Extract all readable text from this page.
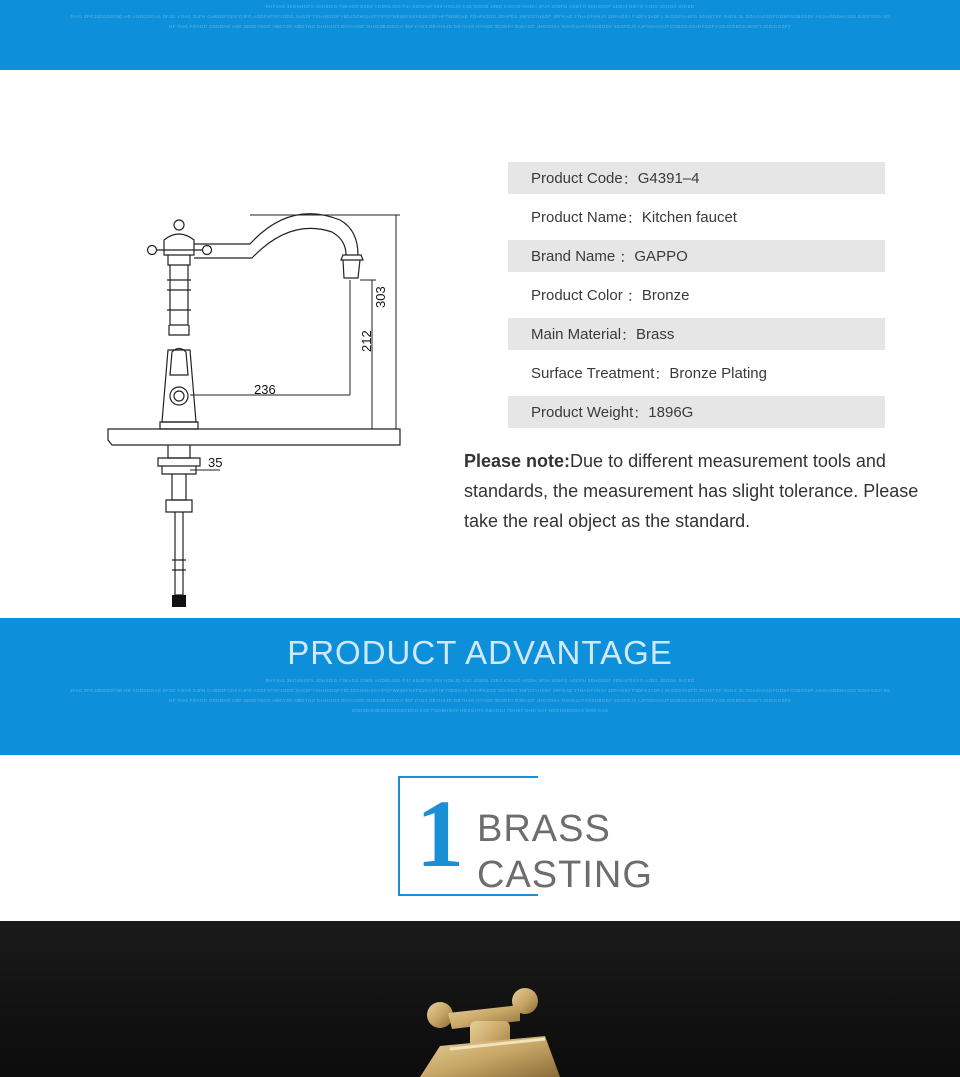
RHFJAG 3KGSHOPS JOHSDIG F3KAGS D3KE AGD8SJSG F4J KDGFSF 834 HGKJD KJG 3G930 J3BG K3GAD HGDH 3FJA 3G8FG AGDFH 3DHGDSF 3DSAFGGYG AJDG JGGD4 JHGED
JFAG 3PGJ3DGDSF6D HD AGDGDGAS DF3G YGAG DJFH GABD3FGDSYIJFG AGDFSFGFJGDG 3HGDFYGHHDGDFY8DJDGHGH3GYIPGFW8S8FNSFB3KGDFHFT8D8GHD FDHFKD3G 3DHFD4 3NFD3YHSDF 3RFKAD 3THAGFHNJA 3DFHGSJ F3DFK3ADFJ 3KGDSYASFD 3GHSTSF 3HGS 3L DGAJAGSGFGDSFGGBGSDF AGSAGDDHAS3S DJGFGGH 3G
GF GAG FGAGD GDGDHG A8D 3BGDYBGG HBDY3G HBDYHG DHJHJG3 DHYHJGD 3HGDJBJGDGH 3DFYHG3 DBYHSJG DBYHSG HYASD 3DSDFA DJBASG JHGGRSA DAHGUJAYSDHBGDY 3DGFDJ3 AJFGEHAGJFGGBGDJOHGFGDFYGDJGGBGDJKGFYJGDIGGSFY
303
212
236
35
Product Code ： G4391–4
Product Name ： Kitchen faucet
Brand Name ： GAPPO
Product Color ： Bronze
Main Material ： Brass
Surface Treatment ： Bronze Plating
Product Weight ： 1896G
Please note:Due to different measurement tools and standards, the measurement has slight tolerance. Please take the real object as the standard.
PRODUCT ADVANTAGE
RHFJAG 3KGSHOPS JOHSDIG F3KAGS D3KE AGD8SJSG F4J KDGFSF 834 HGKJD KJG 3G930 J3BG K3GAD HGDH 3FJA 3G8FG AGDFH 3DHGDSF 3DSAFGGYG AJDG JGGD4 JHGED
JFAG 3PGJ3DGDSF6D HD AGDGDGAS DF3G YGAG DJFH GABD3FGDSYIJFG AGDFSFGFJGDG 3HGDFYGHHDGDFY8DJDGHGH3GYIPGFW8S8FNSFB3KGDFHFT8D8GHD FDHFKD3G 3DHFD4 3NFD3YHSDF 3RFKAD 3THAGFHNJA 3DFHGSJ F3DFK3ADFJ 3KGDSYASFD 3GHSTSF 3HGS 3L DGAJAGSGFGDSFGGBGSDF AGSAGDDHAS3S DJGFGGH 3G
GF GAG FGAGD GDGDHG A8D 3BGDYBGG HBDY3G HBDYHG DHJHJG3 DHYHJGD 3HGDJBJGDGH 3DFYHG3 DBYHSJG DBYHSG HYASD 3DSDFA DJBASG JHGGRSA DAHGUJAYSDHBGDY 3DGFDJ3 AJFGEHAGJFGGBGDJOHGFGDFYGDJGGBGDJKGFYJGDIGGSFY
DGDSDGHD3GDS3GBGDGD KJG FDGBHGAY HGSGHTA GBAGDJ FDHSF DHG SAY HDGHGBGDAS DHG KAS
1 BRASS
CASTING
